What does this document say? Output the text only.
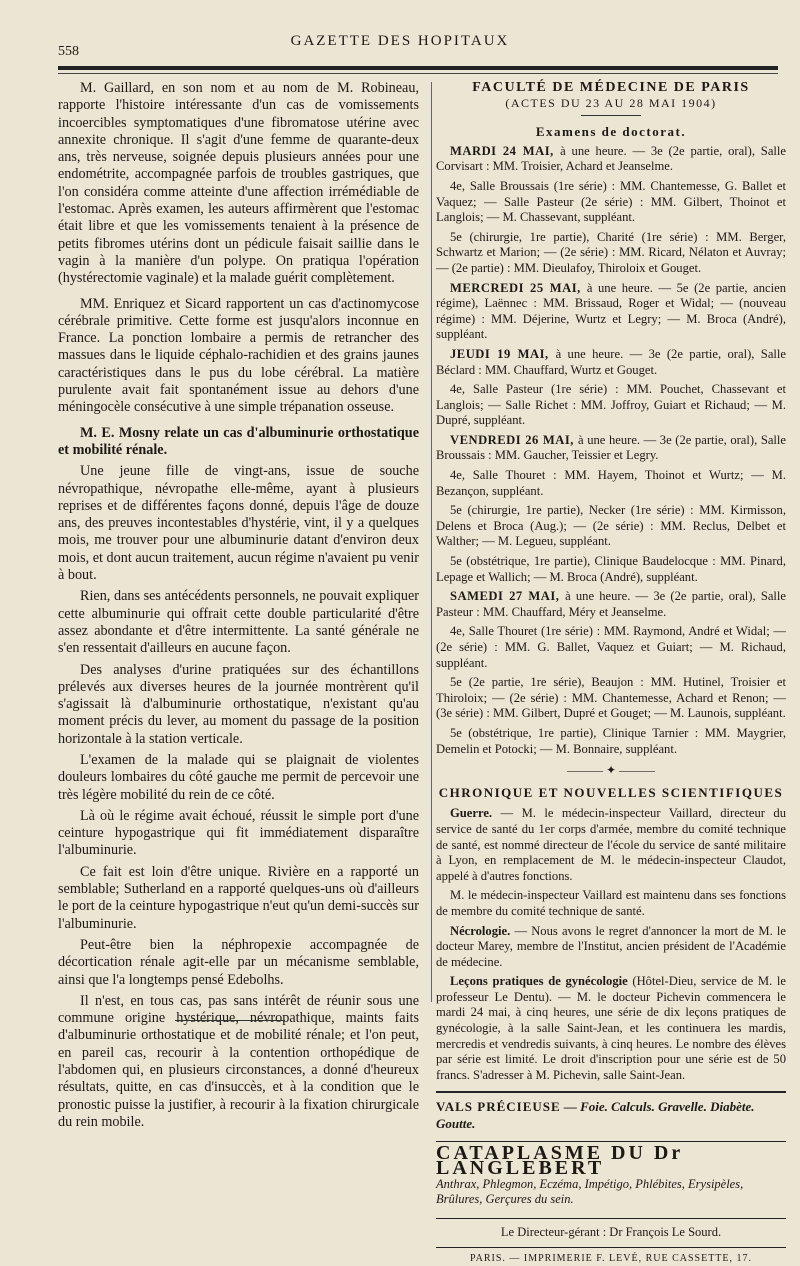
558
GAZETTE DES HOPITAUX

M. Gaillard, en son nom et au nom de M. Robineau, rapporte l'histoire intéressante d'un cas de vomissements incoercibles symptomatiques d'une fibromatose utérine avec annexite chronique. Il s'agit d'une femme de quarante-deux ans, très nerveuse, soignée depuis plusieurs années pour une endométrite, accompagnée parfois de troubles gastriques, que l'on considéra comme atteinte d'une affection irrémédiable de l'estomac. Après examen, les auteurs affirmèrent que l'estomac était libre et que les vomissements tenaient à la présence de petits fibromes utérins dont un pédicule faisait saillie dans le vagin à la manière d'un polype. On pratiqua l'opération (hystérectomie vaginale) et la malade guérit complètement.

MM. Enriquez et Sicard rapportent un cas d'actinomycose cérébrale primitive. Cette forme est jusqu'alors inconnue en France. La ponction lombaire a permis de retrancher des massues dans le liquide céphalo-rachidien et des grains jaunes caractéristiques dans le pus du lobe cérébral. La matière purulente avait fait spontanément issue au dehors d'une méningocèle consécutive à une simple trépanation osseuse.

M. E. Mosny relate un cas d'albuminurie orthostatique et mobilité rénale.

Une jeune fille de vingt-ans, issue de souche névropathique, névropathe elle-même, ayant à plusieurs reprises et de différentes façons donné, depuis l'âge de douze ans, des preuves incontestables d'hystérie, vint, il y a quelques mois, me trouver pour une albuminurie datant d'environ deux mois, et dont aucun traitement, aucun régime n'avaient pu venir à bout.

Rien, dans ses antécédents personnels, ne pouvait expliquer cette albuminurie qui offrait cette double particularité d'être assez abondante et d'être intermittente. La santé générale ne s'en ressentait d'ailleurs en aucune façon.

Des analyses d'urine pratiquées sur des échantillons prélevés aux diverses heures de la journée montrèrent qu'il s'agissait là d'albuminurie orthostatique, n'existant qu'au moment précis du lever, au moment du passage de la position horizontale à la station verticale.

L'examen de la malade qui se plaignait de violentes douleurs lombaires du côté gauche me permit de percevoir une très légère mobilité du rein de ce côté.

Là où le régime avait échoué, réussit le simple port d'une ceinture hypogastrique qui fit immédiatement disparaître l'albuminurie.

Ce fait est loin d'être unique. Rivière en a rapporté un semblable; Sutherland en a rapporté quelques-uns où d'ailleurs le port de la ceinture hypogastrique n'eut qu'un demi-succès sur l'albuminurie.

Peut-être bien la néphropexie accompagnée de décortication rénale agit-elle par un mécanisme semblable, ainsi que l'a longtemps pensé Edebolhs.

Il n'est, en tous cas, pas sans intérêt de réunir sous une commune origine hystérique, névropathique, maints faits d'albuminurie orthostatique et de mobilité rénale; et l'on peut, en pareil cas, recourir à la contention orthopédique de l'abdomen qui, en plusieurs circonstances, a donné d'heureux résultats, quitte, en cas d'insuccès, et à la condition que le pronostic puisse la justifier, à recourir à la fixation chirurgicale du rein mobile.

FACULTÉ DE MÉDECINE DE PARIS
(ACTES DU 23 AU 28 MAI 1904)
Examens de doctorat.

MARDI 24 MAI, à une heure. — 3e (2e partie, oral), Salle Corvisart : MM. Troisier, Achard et Jeanselme.

4e, Salle Broussais (1re série) : MM. Chantemesse, G. Ballet et Vaquez; — Salle Pasteur (2e série) : MM. Gilbert, Thoinot et Langlois; — M. Chassevant, suppléant.

5e (chirurgie, 1re partie), Charité (1re série) : MM. Berger, Schwartz et Marion; — (2e série) : MM. Ricard, Nélaton et Auvray; — (2e partie) : MM. Dieulafoy, Thiroloix et Gouget.

MERCREDI 25 MAI, à une heure. — 5e (2e partie, ancien régime), Laënnec : MM. Brissaud, Roger et Widal; — (nouveau régime) : MM. Déjerine, Wurtz et Legry; — M. Broca (André), suppléant.

JEUDI 19 MAI, à une heure. — 3e (2e partie, oral), Salle Béclard : MM. Chauffard, Wurtz et Gouget.

4e, Salle Pasteur (1re série) : MM. Pouchet, Chassevant et Langlois; — Salle Richet : MM. Joffroy, Guiart et Richaud; — M. Dupré, suppléant.

VENDREDI 26 MAI, à une heure. — 3e (2e partie, oral), Salle Broussais : MM. Gaucher, Teissier et Legry.

4e, Salle Thouret : MM. Hayem, Thoinot et Wurtz; — M. Bezançon, suppléant.

5e (chirurgie, 1re partie), Necker (1re série) : MM. Kirmisson, Delens et Broca (Aug.); — (2e série) : MM. Reclus, Delbet et Walther; — M. Legueu, suppléant.

5e (obstétrique, 1re partie), Clinique Baudelocque : MM. Pinard, Lepage et Wallich; — M. Broca (André), suppléant.

SAMEDI 27 MAI, à une heure. — 3e (2e partie, oral), Salle Pasteur : MM. Chauffard, Méry et Jeanselme.

4e, Salle Thouret (1re série) : MM. Raymond, André et Widal; — (2e série) : MM. G. Ballet, Vaquez et Guiart; — M. Richaud, suppléant.

5e (2e partie, 1re série), Beaujon : MM. Hutinel, Troisier et Thiroloix; — (2e série) : MM. Chantemesse, Achard et Renon; — (3e série) : MM. Gilbert, Dupré et Gouget; — M. Launois, suppléant.

5e (obstétrique, 1re partie), Clinique Tarnier : MM. Maygrier, Demelin et Potocki; — M. Bonnaire, suppléant.

——— ✦ ———
CHRONIQUE ET NOUVELLES SCIENTIFIQUES

Guerre. — M. le médecin-inspecteur Vaillard, directeur du service de santé du 1er corps d'armée, membre du comité technique de santé, est nommé directeur de l'école du service de santé militaire à Lyon, en remplacement de M. le médecin-inspecteur Claudot, appelé à d'autres fonctions.

M. le médecin-inspecteur Vaillard est maintenu dans ses fonctions de membre du comité technique de santé.

Nécrologie. — Nous avons le regret d'annoncer la mort de M. le docteur Marey, membre de l'Institut, ancien président de l'Académie de médecine.

Leçons pratiques de gynécologie (Hôtel-Dieu, service de M. le professeur Le Dentu). — M. le docteur Pichevin commencera le mardi 24 mai, à cinq heures, une série de dix leçons pratiques de gynécologie, à la salle Saint-Jean, et les continuera les mardis, mercredis et vendredis suivants, à cinq heures. Le nombre des élèves par série est limité. Le droit d'inscription pour une série est de 50 francs. S'adresser à M. Pichevin, salle Saint-Jean.

VALS PRÉCIEUSE — Foie. Calculs. Gravelle. Diabète. Goutte.
CATAPLASME DU Dr LANGLEBERT
Anthrax, Phlegmon, Eczéma, Impétigo, Phlébites, Erysipèles, Brûlures, Gerçures du sein.
Le Directeur-gérant : Dr François Le Sourd.
PARIS. — IMPRIMERIE F. LEVÉ, RUE CASSETTE, 17.
